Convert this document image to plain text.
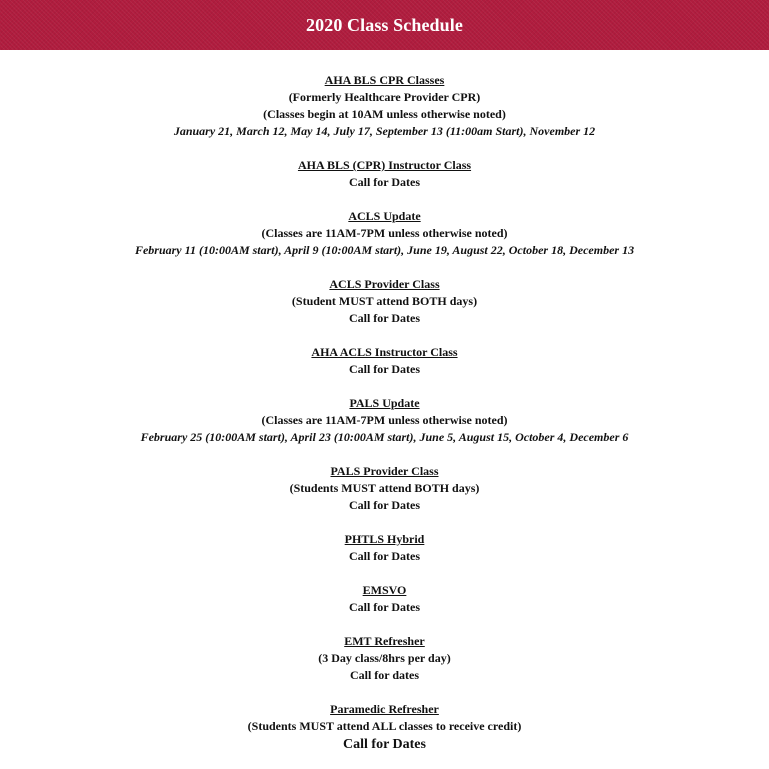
2020 Class Schedule
AHA BLS CPR Classes
(Formerly Healthcare Provider CPR)
(Classes begin at 10AM unless otherwise noted)
January 21, March 12, May 14, July 17, September 13 (11:00am Start), November 12
AHA BLS (CPR) Instructor Class
Call for Dates
ACLS Update
(Classes are 11AM-7PM unless otherwise noted)
February 11 (10:00AM start), April 9 (10:00AM start), June 19, August 22, October 18, December 13
ACLS Provider Class
(Student MUST attend BOTH days)
Call for Dates
AHA ACLS Instructor Class
Call for Dates
PALS Update
(Classes are 11AM-7PM unless otherwise noted)
February 25 (10:00AM start), April 23 (10:00AM start), June 5, August 15, October 4, December 6
PALS Provider Class
(Students MUST attend BOTH days)
Call for Dates
PHTLS Hybrid
Call for Dates
EMSVO
Call for Dates
EMT Refresher
(3 Day class/8hrs per day)
Call for dates
Paramedic Refresher
(Students MUST attend ALL classes to receive credit)
Call for Dates
